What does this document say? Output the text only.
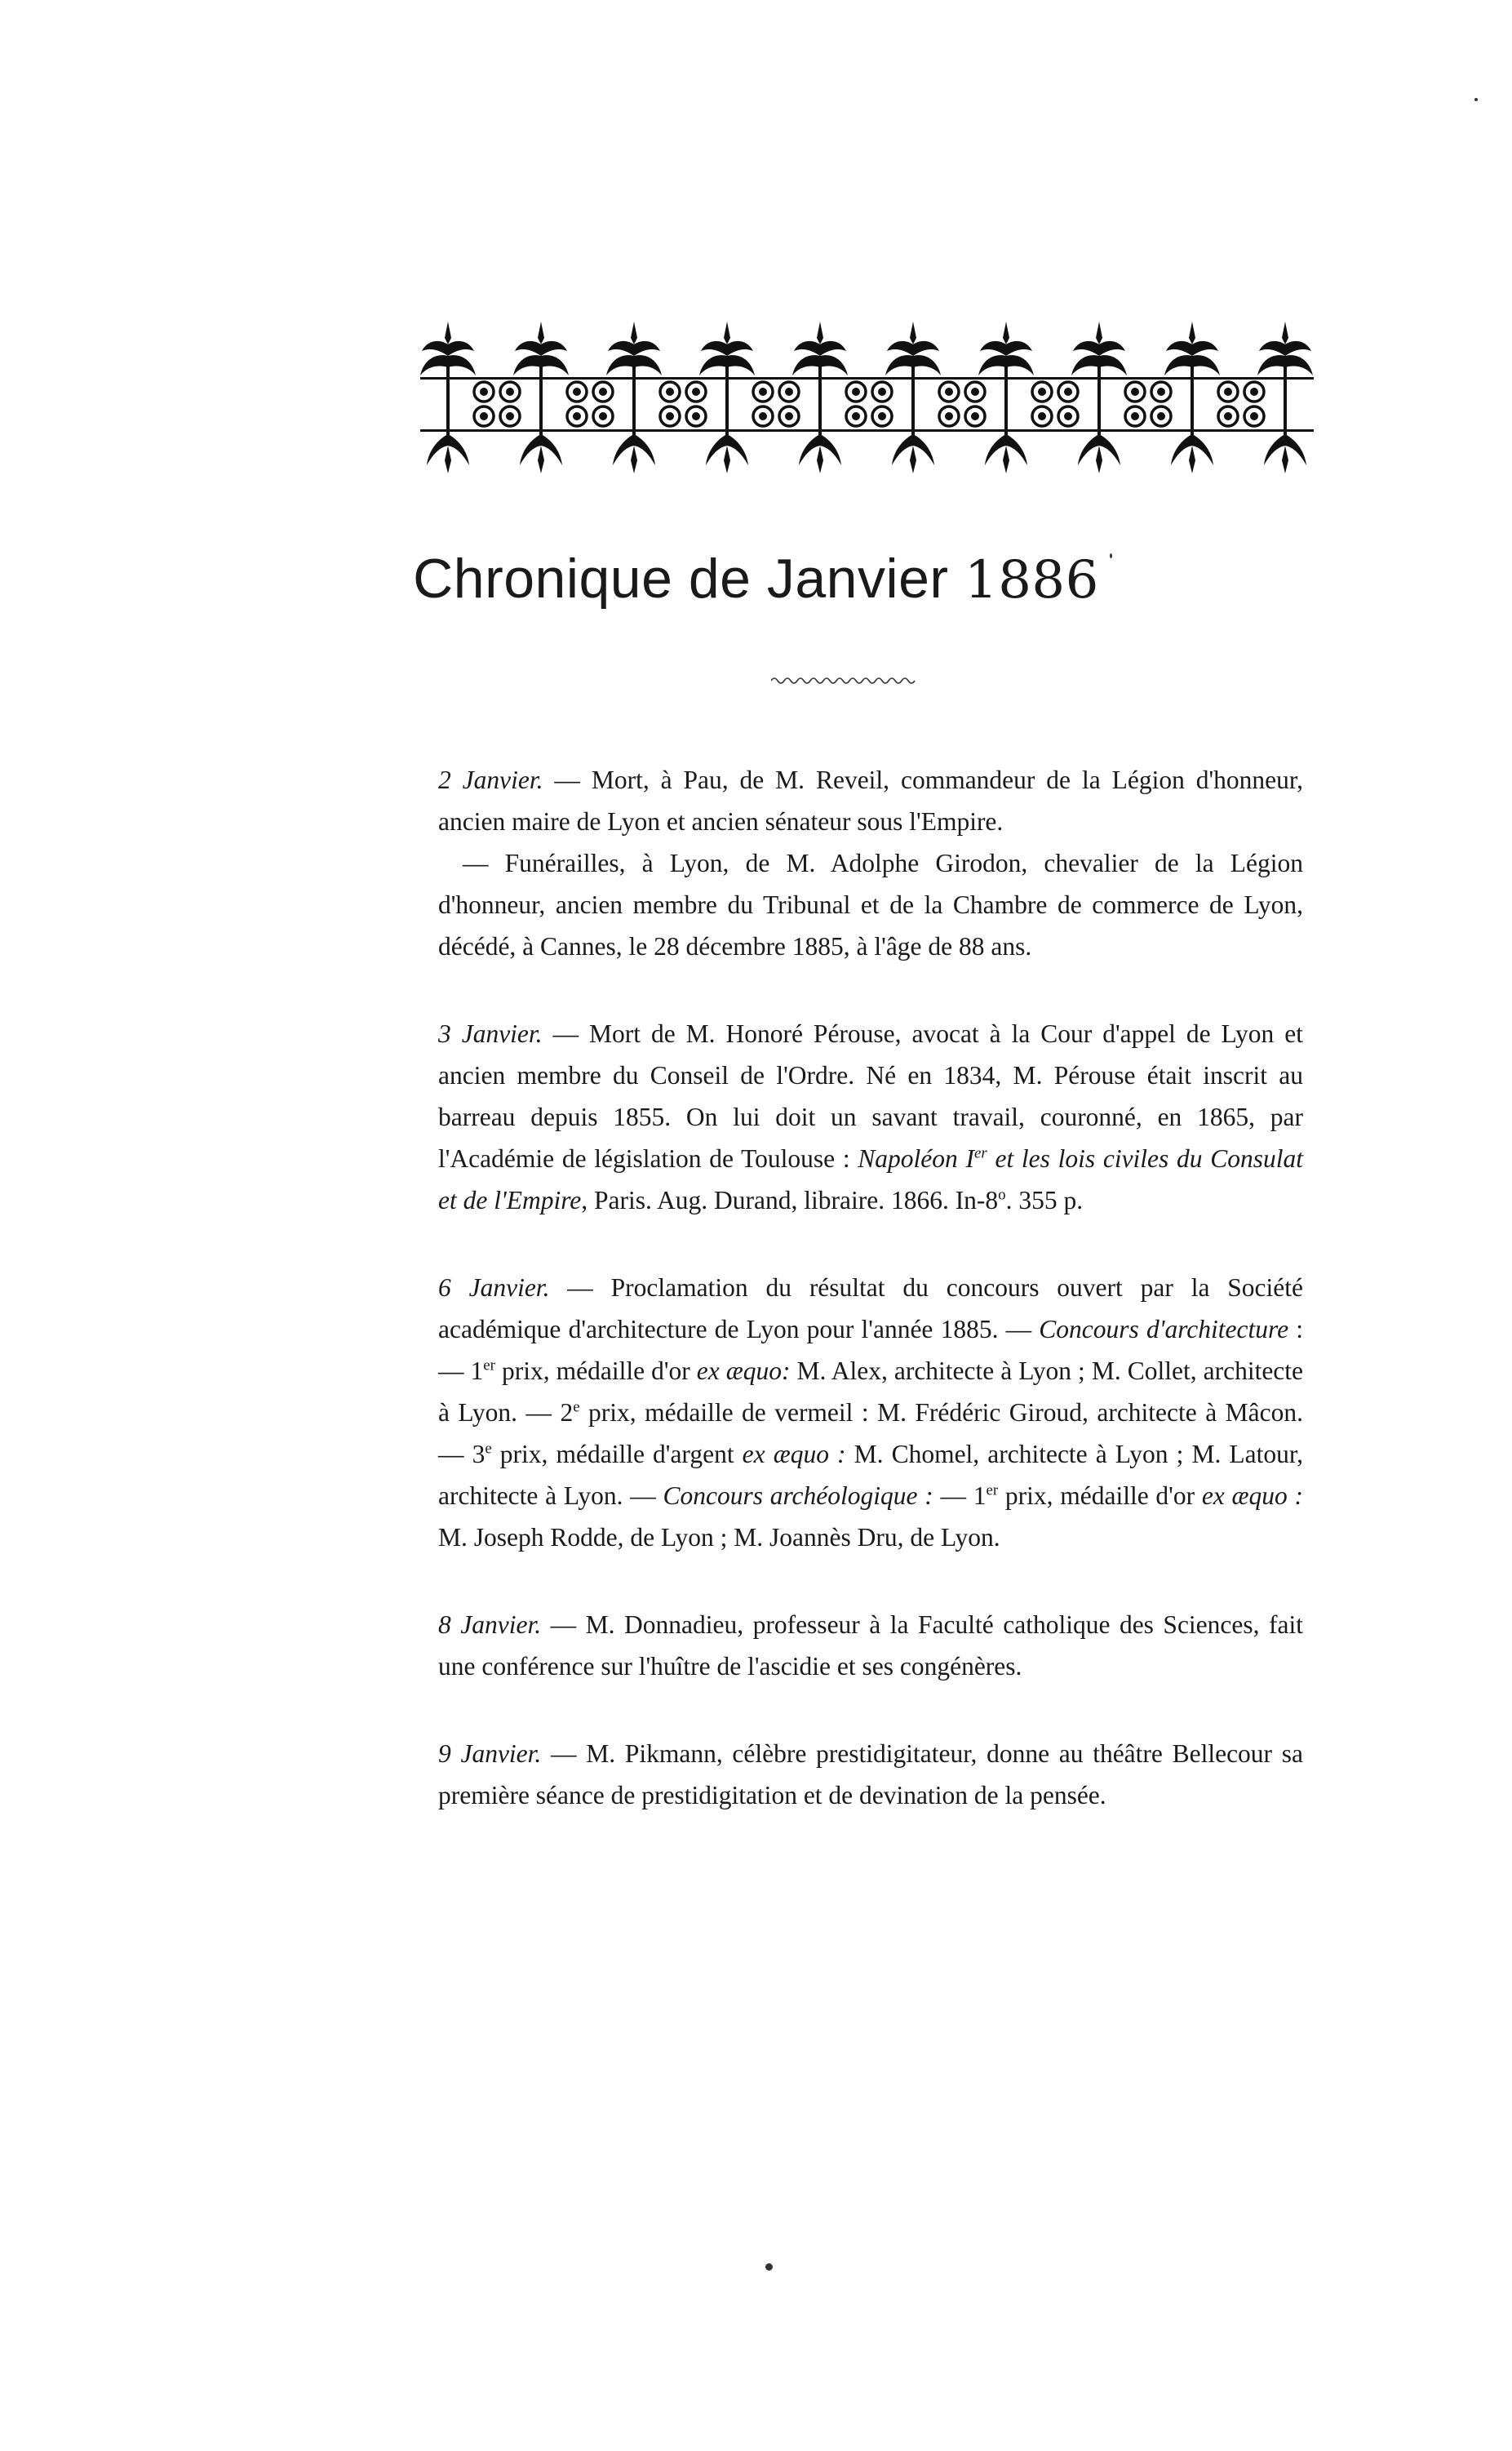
Chronique de Janvier 1886

2 Janvier. — Mort, à Pau, de M. Reveil, commandeur de la Légion d'honneur, ancien maire de Lyon et ancien sénateur sous l'Empire.

— Funérailles, à Lyon, de M. Adolphe Girodon, chevalier de la Légion d'honneur, ancien membre du Tribunal et de la Chambre de commerce de Lyon, décédé, à Cannes, le 28 décembre 1885, à l'âge de 88 ans.

3 Janvier. — Mort de M. Honoré Pérouse, avocat à la Cour d'appel de Lyon et ancien membre du Conseil de l'Ordre. Né en 1834, M. Pérouse était inscrit au barreau depuis 1855. On lui doit un savant travail, couronné, en 1865, par l'Académie de législation de Toulouse : Napoléon Ier et les lois civiles du Consulat et de l'Empire, Paris. Aug. Durand, libraire. 1866. In-8$^o$. 355 p.

6 Janvier. — Proclamation du résultat du concours ouvert par la Société académique d'architecture de Lyon pour l'année 1885. — Concours d'architecture : — 1er prix, médaille d'or ex æquo: M. Alex, architecte à Lyon ; M. Collet, architecte à Lyon. — 2e prix, médaille de vermeil : M. Frédéric Giroud, architecte à Mâcon. — 3e prix, médaille d'argent ex æquo : M. Chomel, architecte à Lyon ; M. Latour, architecte à Lyon. — Concours archéologique : — 1er prix, médaille d'or ex æquo : M. Joseph Rodde, de Lyon ; M. Joannès Dru, de Lyon.

8 Janvier. — M. Donnadieu, professeur à la Faculté catholique des Sciences, fait une conférence sur l'huître de l'ascidie et ses congénères.

9 Janvier. — M. Pikmann, célèbre prestidigitateur, donne au théâtre Bellecour sa première séance de prestidigitation et de devination de la pensée.
